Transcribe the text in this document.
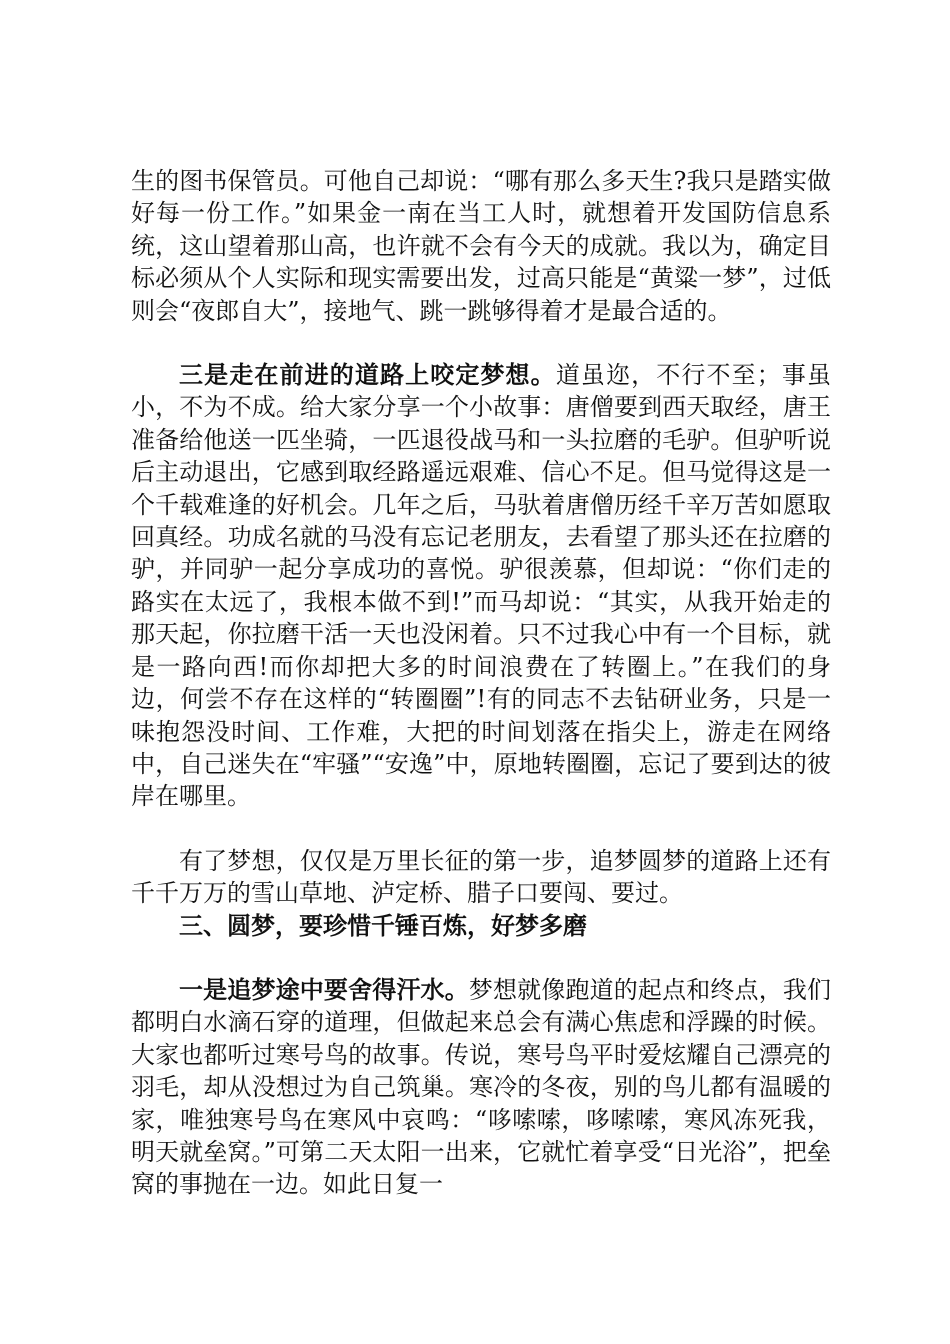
生的图书保管员。可他自己却说：“哪有那么多天生?我只是踏实做好每一份工作。”如果金一南在当工人时，就想着开发国防信息系统，这山望着那山高，也许就不会有今天的成就。我以为，确定目标必须从个人实际和现实需要出发，过高只能是“黄粱一梦”，过低则会“夜郎自大”，接地气、跳一跳够得着才是最合适的。

三是走在前进的道路上咬定梦想。道虽迩，不行不至；事虽小，不为不成。给大家分享一个小故事：唐僧要到西天取经，唐王准备给他送一匹坐骑，一匹退役战马和一头拉磨的毛驴。但驴听说后主动退出，它感到取经路遥远艰难、信心不足。但马觉得这是一个千载难逢的好机会。几年之后，马驮着唐僧历经千辛万苦如愿取回真经。功成名就的马没有忘记老朋友，去看望了那头还在拉磨的驴，并同驴一起分享成功的喜悦。驴很羡慕，但却说：“你们走的路实在太远了，我根本做不到!”而马却说：“其实，从我开始走的那天起，你拉磨干活一天也没闲着。只不过我心中有一个目标，就是一路向西!而你却把大多的时间浪费在了转圈上。”在我们的身边，何尝不存在这样的“转圈圈”!有的同志不去钻研业务，只是一味抱怨没时间、工作难，大把的时间划落在指尖上，游走在网络中，自己迷失在“牢骚”“安逸”中，原地转圈圈，忘记了要到达的彼岸在哪里。

有了梦想，仅仅是万里长征的第一步，追梦圆梦的道路上还有千千万万的雪山草地、泸定桥、腊子口要闯、要过。

三、圆梦，要珍惜千锤百炼，好梦多磨

一是追梦途中要舍得汗水。梦想就像跑道的起点和终点，我们都明白水滴石穿的道理，但做起来总会有满心焦虑和浮躁的时候。大家也都听过寒号鸟的故事。传说，寒号鸟平时爱炫耀自己漂亮的羽毛，却从没想过为自己筑巢。寒冷的冬夜，别的鸟儿都有温暖的家，唯独寒号鸟在寒风中哀鸣：“哆嗦嗦，哆嗦嗦，寒风冻死我，明天就垒窝。”可第二天太阳一出来，它就忙着享受“日光浴”，把垒窝的事抛在一边。如此日复一
